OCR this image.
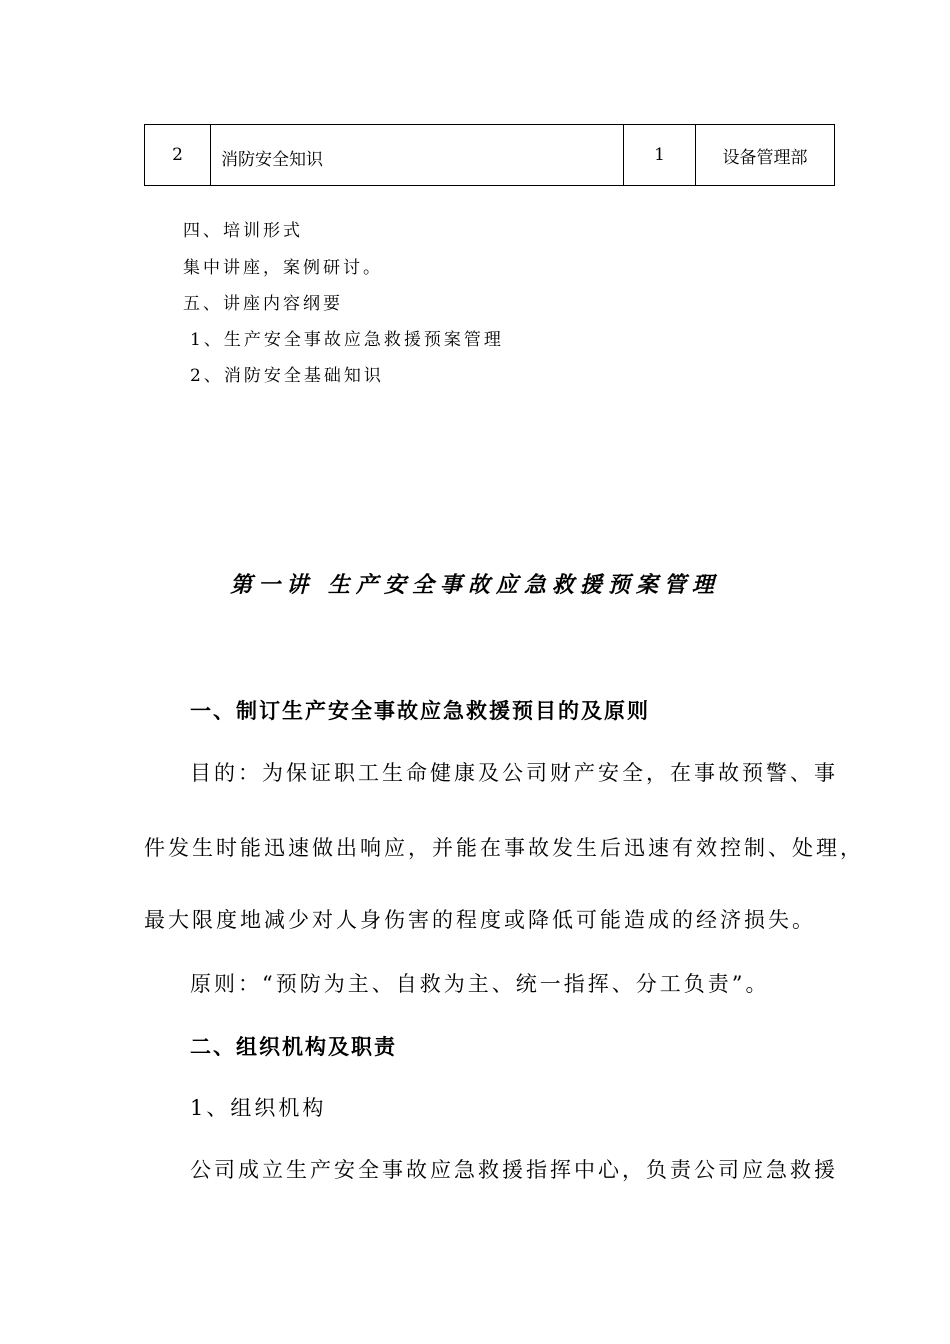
2	消防安全知识	1	设备管理部
四、培训形式
集中讲座，案例研讨。
五、讲座内容纲要
1、生产安全事故应急救援预案管理
2、消防安全基础知识
第一讲 生产安全事故应急救援预案管理
一、制订生产安全事故应急救援预目的及原则
目的：为保证职工生命健康及公司财产安全，在事故预警、事
件发生时能迅速做出响应，并能在事故发生后迅速有效控制、处理，
最大限度地减少对人身伤害的程度或降低可能造成的经济损失。
原则：“预防为主、自救为主、统一指挥、分工负责”。
二、组织机构及职责
1、组织机构
公司成立生产安全事故应急救援指挥中心，负责公司应急救援
